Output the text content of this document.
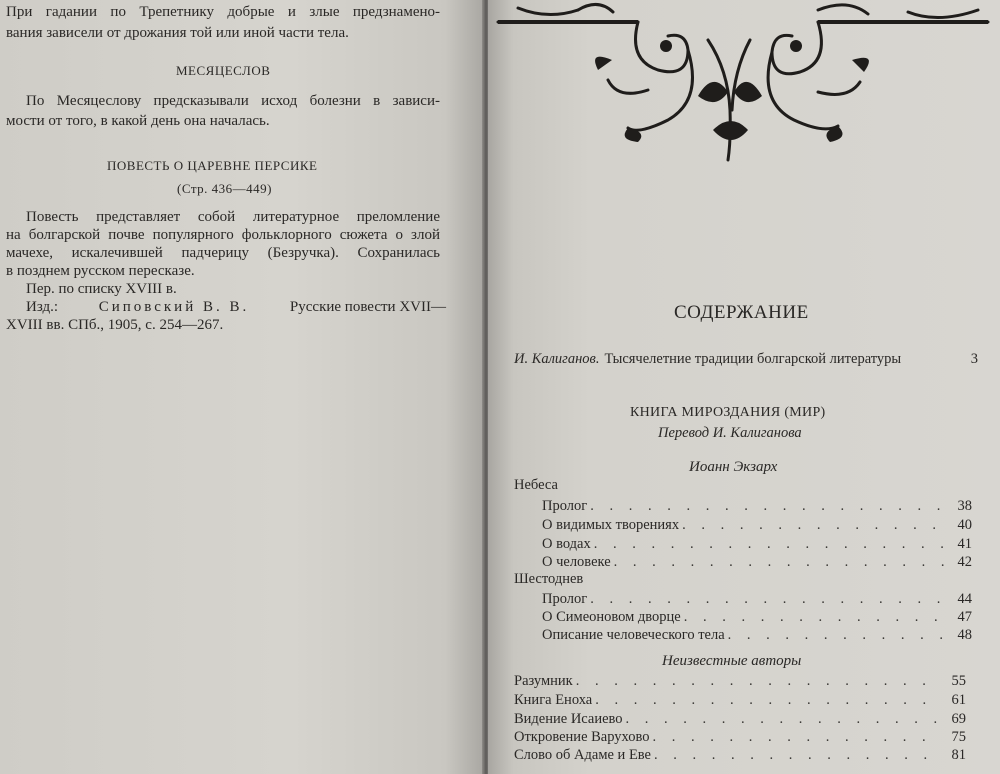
При гадании по Трепетнику добрые и злые предзнамено-
вания зависели от дрожания той или иной части тела.
МЕСЯЦЕСЛОВ
По Месяцеслову предсказывали исход болезни в зависи-
мости от того, в какой день она началась.
ПОВЕСТЬ О ЦАРЕВНЕ ПЕРСИКЕ
(Стр. 436—449)
Повесть представляет собой литературное преломление
на болгарской почве популярного фольклорного сюжета о злой
мачехе, искалечившей падчерицу (Безручка). Сохранилась
в позднем русском пересказе.
Пер. по списку XVIII в.
Изд.:	Сиповский В. В.	Русские повести XVII—
XVIII вв. СПб., 1905, с. 254—267.
СОДЕРЖАНИЕ
И. Калиганов. Тысячелетние традиции болгарской литературы	3
КНИГА МИРОЗДАНИЯ (МИР)
Перевод И. Калиганова
Иоанн Экзарх
Небеса
Пролог . . .	38
О видимых творениях . . .	40
О водах . . .	41
О человеке . . .	42
Шестоднев
Пролог . . .	44
О Симеоновом дворце . . .	47
Описание человеческого тела . . .	48
Неизвестные авторы
Разумник . . .	55
Книга Еноха . . .	61
Видение Исаиево . . .	69
Откровение Варухово . . .	75
Слово об Адаме и Еве . . .	81
